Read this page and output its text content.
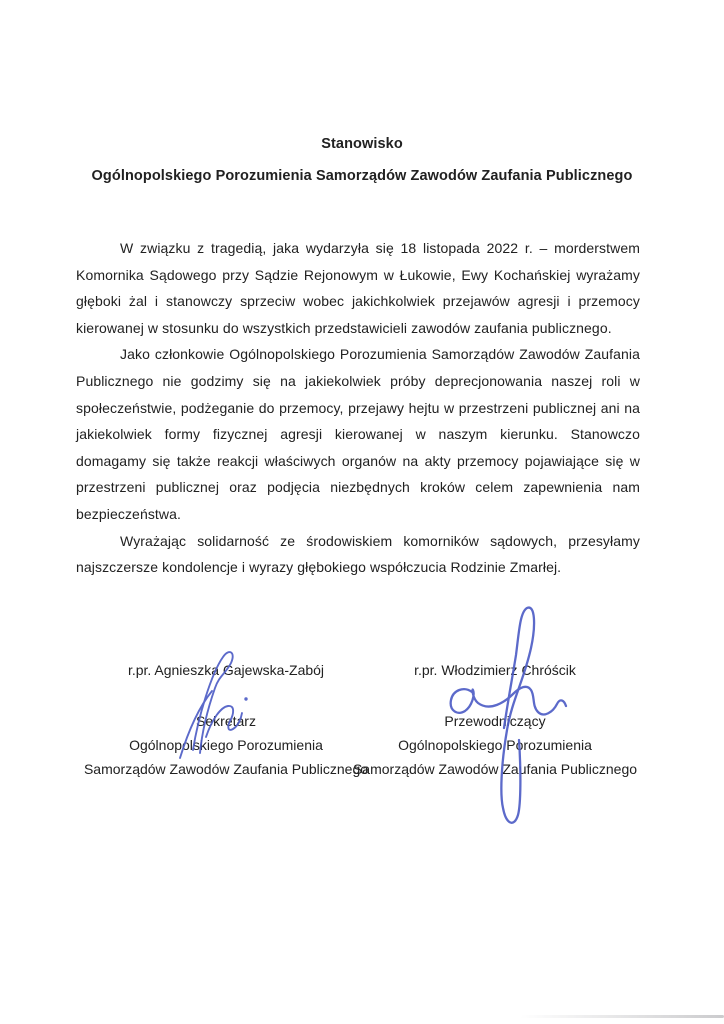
Stanowisko
Ogólnopolskiego Porozumienia Samorządów Zawodów Zaufania Publicznego

W związku z tragedią, jaka wydarzyła się 18 listopada 2022 r. – morderstwem Komornika Sądowego przy Sądzie Rejonowym w Łukowie, Ewy Kochańskiej wyrażamy głęboki żal i stanowczy sprzeciw wobec jakichkolwiek przejawów agresji i przemocy kierowanej w stosunku do wszystkich przedstawicieli zawodów zaufania publicznego.

Jako członkowie Ogólnopolskiego Porozumienia Samorządów Zawodów Zaufania Publicznego nie godzimy się na jakiekolwiek próby deprecjonowania naszej roli w społeczeństwie, podżeganie do przemocy, przejawy hejtu w przestrzeni publicznej ani na jakiekolwiek formy fizycznej agresji kierowanej w naszym kierunku. Stanowczo domagamy się także reakcji właściwych organów na akty przemocy pojawiające się w przestrzeni publicznej oraz podjęcia niezbędnych kroków celem zapewnienia nam bezpieczeństwa.

Wyrażając solidarność ze środowiskiem komorników sądowych, przesyłamy najszczersze kondolencje i wyrazy głębokiego współczucia Rodzinie Zmarłej.

r.pr. Agnieszka Gajewska-Zabój
Sekretarz
Ogólnopolskiego Porozumienia
Samorządów Zawodów Zaufania Publicznego
r.pr. Włodzimierz Chróścik
Przewodniczący
Ogólnopolskiego Porozumienia
Samorządów Zawodów Zaufania Publicznego
